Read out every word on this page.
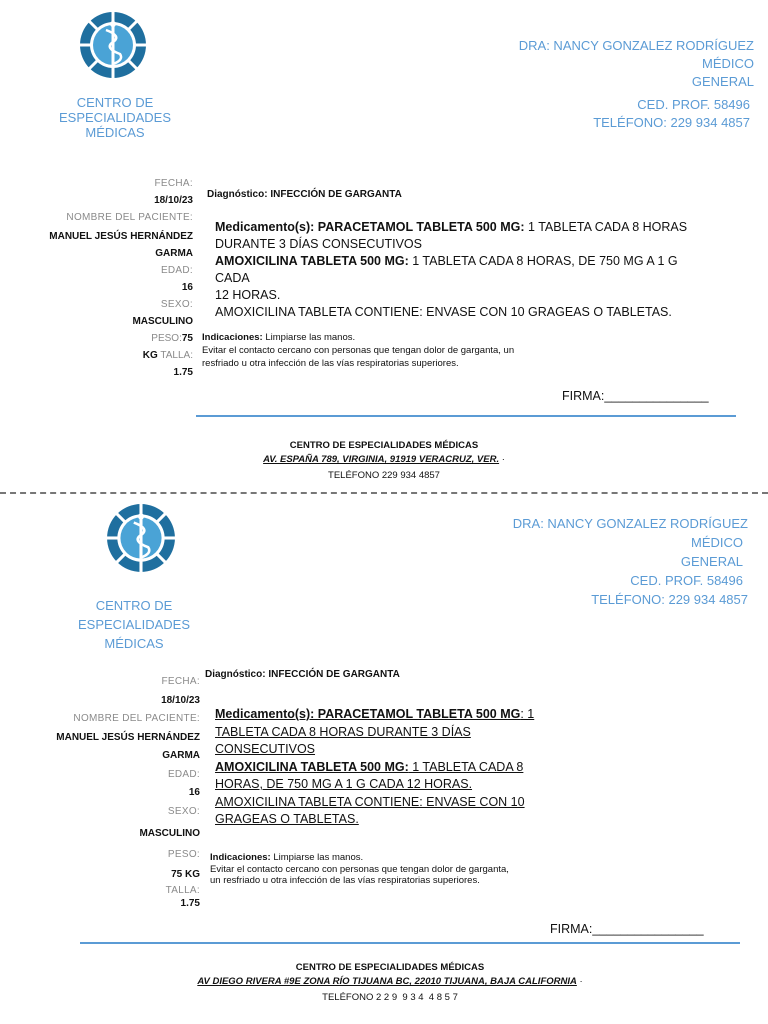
CENTRO DE
ESPECIALIDADES
MÉDICAS
DRA: NANCY GONZALEZ RODRÍGUEZ
MÉDICO
GENERAL
CED. PROF. 58496
TELÉFONO: 229 934 4857
FECHA:
18/10/23
NOMBRE DEL PACIENTE:
MANUEL JESÚS HERNÁNDEZ
GARMA
EDAD:
16
SEXO:
MASCULINO
PESO:75
KG TALLA:
1.75
Diagnóstico: INFECCIÓN DE GARGANTA
Medicamento(s): PARACETAMOL TABLETA 500 MG: 1 TABLETA CADA 8 HORAS
DURANTE 3 DÍAS CONSECUTIVOS
AMOXICILINA TABLETA 500 MG: 1 TABLETA CADA 8 HORAS, DE 750 MG A 1 G CADA
12 HORAS.
AMOXICILINA TABLETA CONTIENE: ENVASE CON 10 GRAGEAS O TABLETAS.
Indicaciones: Limpiarse las manos.
Evitar el contacto cercano con personas que tengan dolor de garganta, un
resfriado u otra infección de las vías respiratorias superiores.
FIRMA:_______________
CENTRO DE ESPECIALIDADES MÉDICAS
AV. ESPAÑA 789, VIRGINIA, 91919 VERACRUZ, VER. ·
TELÉFONO 229 934 4857
CENTRO DE
ESPECIALIDADES
MÉDICAS
DRA: NANCY GONZALEZ RODRÍGUEZ
MÉDICO
GENERAL
CED. PROF. 58496
TELÉFONO: 229 934 4857
FECHA:
18/10/23
NOMBRE DEL PACIENTE:
MANUEL JESÚS HERNÁNDEZ
GARMA
EDAD:
16
SEXO:
MASCULINO
PESO:
75 KG
TALLA:
1.75
Diagnóstico: INFECCIÓN DE GARGANTA
Medicamento(s): PARACETAMOL TABLETA 500 MG: 1
TABLETA CADA 8 HORAS DURANTE 3 DÍAS CONSECUTIVOS
AMOXICILINA TABLETA 500 MG: 1 TABLETA CADA 8
HORAS, DE 750 MG A 1 G CADA 12 HORAS.
AMOXICILINA TABLETA CONTIENE: ENVASE CON 10
GRAGEAS O TABLETAS.
Indicaciones: Limpiarse las manos.
Evitar el contacto cercano con personas que tengan dolor de garganta,
un resfriado u otra infección de las vías respiratorias superiores.
FIRMA:________________
CENTRO DE ESPECIALIDADES MÉDICAS
AV DIEGO RIVERA #9E ZONA RÍO TIJUANA BC, 22010 TIJUANA, BAJA CALIFORNIA ·
TELÉFONO 2 2 9  9 3 4  4 8 5 7
